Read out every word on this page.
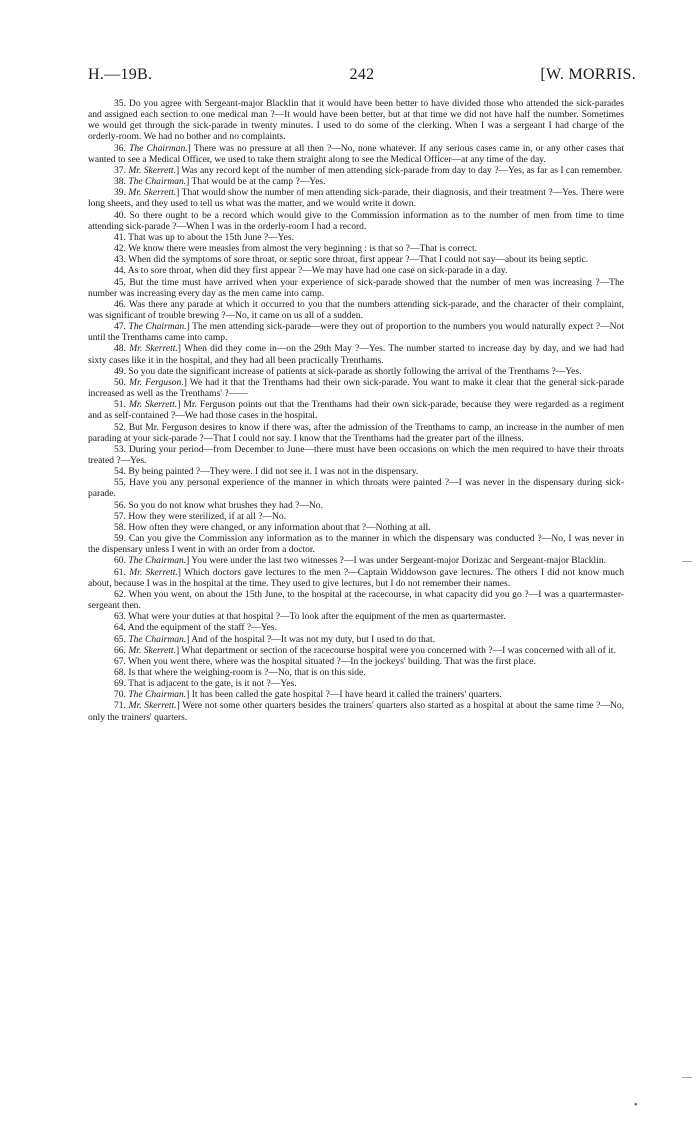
H.—19B.	242	[W. MORRIS.

35. Do you agree with Sergeant-major Blacklin that it would have been better to have divided those who attended the sick-parades and assigned each section to one medical man ?—It would have been better, but at that time we did not have half the number. Sometimes we would get through the sick-parade in twenty minutes. I used to do some of the clerking. When I was a sergeant I had charge of the orderly-room. We had no bother and no complaints.

36. The Chairman.] There was no pressure at all then ?—No, none whatever. If any serious cases came in, or any other cases that wanted to see a Medical Officer, we used to take them straight along to see the Medical Officer—at any time of the day.

37. Mr. Skerrett.] Was any record kept of the number of men attending sick-parade from day to day ?—Yes, as far as I can remember.

38. The Chairman.] That would be at the camp ?—Yes.

39. Mr. Skerrett.] That would show the number of men attending sick-parade, their diagnosis, and their treatment ?—Yes. There were long sheets, and they used to tell us what was the matter, and we would write it down.

40. So there ought to be a record which would give to the Commission information as to the number of men from time to time attending sick-parade ?—When I was in the orderly-room I had a record.

41. That was up to about the 15th June ?—Yes.

42. We know there were measles from almost the very beginning : is that so ?—That is correct.

43. When did the symptoms of sore throat, or septic sore throat, first appear ?—That I could not say—about its being septic.

44. As to sore throat, when did they first appear ?—We may have had one case on sick-parade in a day.

45. But the time must have arrived when your experience of sick-parade showed that the number of men was increasing ?—The number was increasing every day as the men came into camp.

46. Was there any parade at which it occurred to you that the numbers attending sick-parade, and the character of their complaint, was significant of trouble brewing ?—No, it came on us all of a sudden.

47. The Chairman.] The men attending sick-parade—were they out of proportion to the numbers you would naturally expect ?—Not until the Trenthams came into camp.

48. Mr. Skerrett.] When did they come in—on the 29th May ?—Yes. The number started to increase day by day, and we had had sixty cases like it in the hospital, and they had all been practically Trenthams.

49. So you date the significant increase of patients at sick-parade as shortly following the arrival of the Trenthams ?—Yes.

50. Mr. Ferguson.] We had it that the Trenthams had their own sick-parade. You want to make it clear that the general sick-parade increased as well as the Trenthams' ?——

51. Mr. Skerrett.] Mr. Ferguson points out that the Trenthams had their own sick-parade, because they were regarded as a regiment and as self-contained ?—We had those cases in the hospital.

52. But Mr. Ferguson desires to know if there was, after the admission of the Trenthams to camp, an increase in the number of men parading at your sick-parade ?—That I could not say. I know that the Trenthams had the greater part of the illness.

53. During your period—from December to June—there must have been occasions on which the men required to have their throats treated ?—Yes.

54. By being painted ?—They were. I did not see it. I was not in the dispensary.

55. Have you any personal experience of the manner in which throats were painted ?—I was never in the dispensary during sick-parade.

56. So you do not know what brushes they had ?—No.

57. How they were sterilized, if at all ?—No.

58. How often they were changed, or any information about that ?—Nothing at all.

59. Can you give the Commission any information as to the manner in which the dispensary was conducted ?—No, I was never in the dispensary unless I went in with an order from a doctor.

60. The Chairman.] You were under the last two witnesses ?—I was under Sergeant-major Dorizac and Sergeant-major Blacklin.

61. Mr. Skerrett.] Which doctors gave lectures to the men ?—Captain Widdowson gave lectures. The others I did not know much about, because I was in the hospital at the time. They used to give lectures, but I do not remember their names.

62. When you went, on about the 15th June, to the hospital at the racecourse, in what capacity did you go ?—I was a quartermaster-sergeant then.

63. What were your duties at that hospital ?—To look after the equipment of the men as quartermaster.

64. And the equipment of the staff ?—Yes.

65. The Chairman.] And of the hospital ?—It was not my duty, but I used to do that.

66. Mr. Skerrett.] What department or section of the racecourse hospital were you concerned with ?—I was concerned with all of it.

67. When you went there, where was the hospital situated ?—In the jockeys' building. That was the first place.

68. Is that where the weighing-room is ?—No, that is on this side.

69. That is adjacent to the gate, is it not ?—Yes.

70. The Chairman.] It has been called the gate hospital ?—I have heard it called the trainers' quarters.

71. Mr. Skerrett.] Were not some other quarters besides the trainers' quarters also started as a hospital at about the same time ?—No, only the trainers' quarters.

—
—
•
